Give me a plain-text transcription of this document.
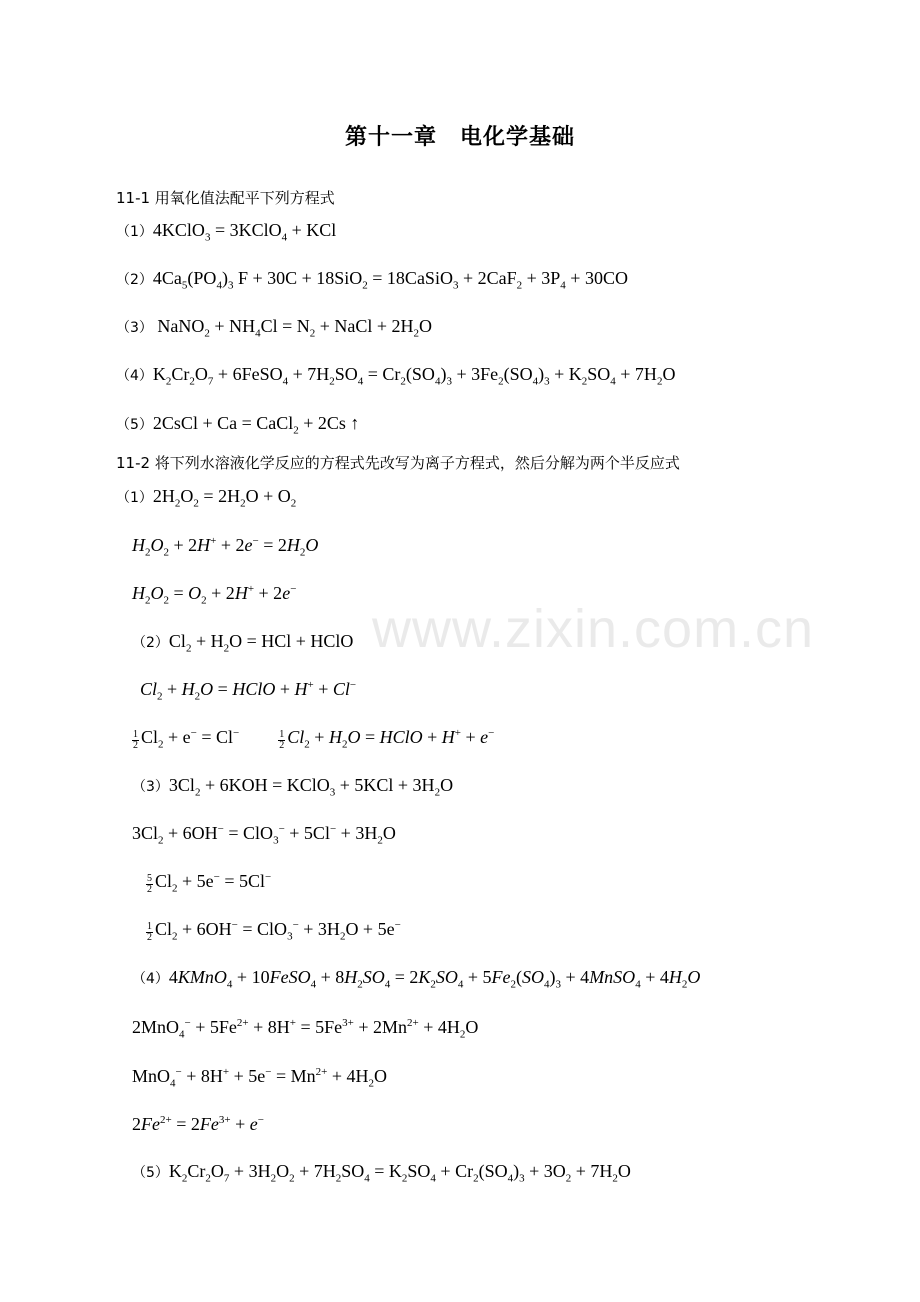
第十一章　电化学基础
11-1 用氧化值法配平下列方程式
（1）4KClO$_3$ = 3KClO$_4$ + KCl
$(2)4Ca_5(PO_4)_3$ F + 30C + 18SiO$_2$ = 18CaSiO$_3$ + $2CaF_2 + 3P_4 + 30CO$
（3） NaNO$_2$ + $NH_4Cl = N_2$ + NaCl + $2H_2O$
$(4)K_2Cr_2O_7$ + 6FeSO$_4$ + $7H_2SO_4 = Cr_2(SO_4)_3 + 3Fe_2(SO_4)_3 + K_2SO_4 + 7H_2O$
（5）2CsCl + Ca = CaCl$_2$ + 2Cs ↑
11-2 将下列水溶液化学反应的方程式先改写为离子方程式，然后分解为两个半反应式
$(1)2H_2O_2 = 2H_2O + O_2$
$H_2O_2 + 2H^+ + 2e^- = 2H_2O$
$H_2O_2 = O_2 + 2H^+ + 2e^-$
$(2)Cl_2 + H_2O$ = HCl + HClO
$Cl_2 + H_2O$ = HClO + H+ + Cl−
$\frac{1}{2} Cl_2 + e^- = Cl^-$	$\frac{1}{2} Cl_2 + H_2O$ = HClO + H+ + e−
$(3)3Cl_2 + 6KOH$ = KClO$_3$ + $5KCl + 3H_2O$
$3Cl_2 + 6OH^- = ClO_3^- + 5Cl^- + 3H_2O$
$\frac{5}{2} Cl_2 + 5e^- = 5Cl^-$
$\frac{1}{2} Cl_2 + 6OH^- = ClO_3^- + 3H_2O + 5e^-$
（4）4KMnO$_4$ + 10FeSO$_4$ + $8H_2SO_4 = 2K_2SO_4 + 5Fe_2(SO_4)_3$ + 4MnSO$_4$ + $4H_2O$
$2MnO_4^- + 5Fe^{2+} + 8H^+ = 5Fe^{3+} + 2Mn^{2+} + 4H_2O$
$MnO_4^- + 8H^+ + 5e^- = Mn^{2+} + 4H_2O$
$2Fe^{2+} = 2Fe^{3+} + e^-$
$(5)K_2Cr_2O_7 + 3H_2O_2 + 7H_2SO_4 = K_2SO_4 + Cr_2(SO_4)_3 + 3O_2 + 7H_2O$
www.zixin.com.cn
